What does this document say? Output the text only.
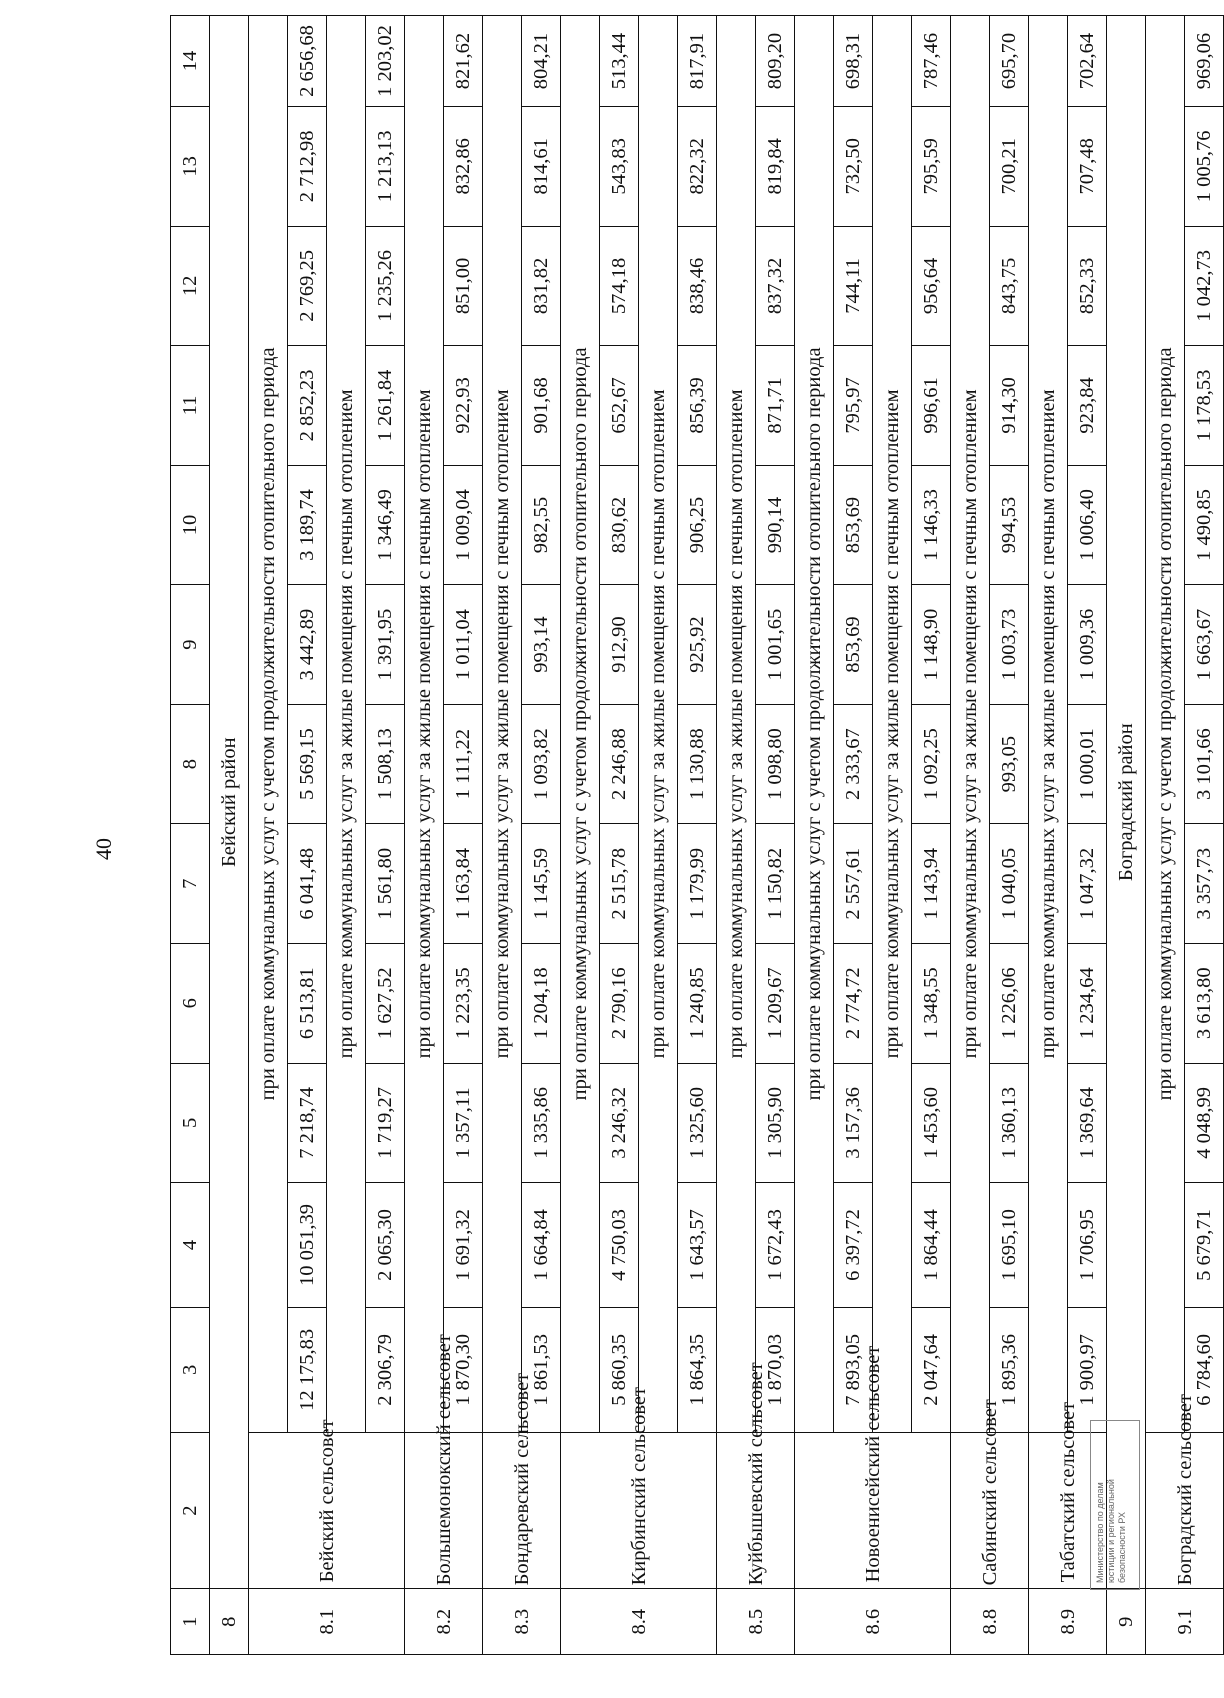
40
1	2	3	4	5	6	7	8	9	10	11	12	13	14
8	Бейский район												
8.1	Бейский сельсовет	при оплате коммунальных услуг с учетом продолжительности отопительного периода											
		12 175,83	10 051,39	7 218,74	6 513,81	6 041,48	5 569,15	3 442,89	3 189,74	2 852,23	2 769,25	2 712,98	2 656,68
		при оплате коммунальных услуг за жилые помещения с печным отоплением											
		2 306,79	2 065,30	1 719,27	1 627,52	1 561,80	1 508,13	1 391,95	1 346,49	1 261,84	1 235,26	1 213,13	1 203,02
8.2	Большемонокский сельсовет	при оплате коммунальных услуг за жилые помещения с печным отоплением											
		1 870,30	1 691,32	1 357,11	1 223,35	1 163,84	1 111,22	1 011,04	1 009,04	922,93	851,00	832,86	821,62
8.3	Бондаревский сельсовет	при оплате коммунальных услуг за жилые помещения с печным отоплением											
		1 861,53	1 664,84	1 335,86	1 204,18	1 145,59	1 093,82	993,14	982,55	901,68	831,82	814,61	804,21
8.4	Кирбинский сельсовет	при оплате коммунальных услуг с учетом продолжительности отопительного периода											
		5 860,35	4 750,03	3 246,32	2 790,16	2 515,78	2 246,88	912,90	830,62	652,67	574,18	543,83	513,44
		при оплате коммунальных услуг за жилые помещения с печным отоплением											
		1 864,35	1 643,57	1 325,60	1 240,85	1 179,99	1 130,88	925,92	906,25	856,39	838,46	822,32	817,91
8.5	Куйбышевский сельсовет	при оплате коммунальных услуг за жилые помещения с печным отоплением											
		1 870,03	1 672,43	1 305,90	1 209,67	1 150,82	1 098,80	1 001,65	990,14	871,71	837,32	819,84	809,20
8.6	Новоенисейский сельсовет	при оплате коммунальных услуг с учетом продолжительности отопительного периода											
		7 893,05	6 397,72	3 157,36	2 774,72	2 557,61	2 333,67	853,69	853,69	795,97	744,11	732,50	698,31
		при оплате коммунальных услуг за жилые помещения с печным отоплением											
		2 047,64	1 864,44	1 453,60	1 348,55	1 143,94	1 092,25	1 148,90	1 146,33	996,61	956,64	795,59	787,46
8.8	Сабинский сельсовет	при оплате коммунальных услуг за жилые помещения с печным отоплением											
		1 895,36	1 695,10	1 360,13	1 226,06	1 040,05	993,05	1 003,73	994,53	914,30	843,75	700,21	695,70
8.9	Табатский сельсовет	при оплате коммунальных услуг за жилые помещения с печным отоплением											
		1 900,97	1 706,95	1 369,64	1 234,64	1 047,32	1 000,01	1 009,36	1 006,40	923,84	852,33	707,48	702,64
9	Боградский район												
9.1	Боградский сельсовет	при оплате коммунальных услуг с учетом продолжительности отопительного периода											
		6 784,60	5 679,71	4 048,99	3 613,80	3 357,73	3 101,66	1 663,67	1 490,85	1 178,53	1 042,73	1 005,76	969,06
Министерство по делам юстиции и региональной безопасности РХ
